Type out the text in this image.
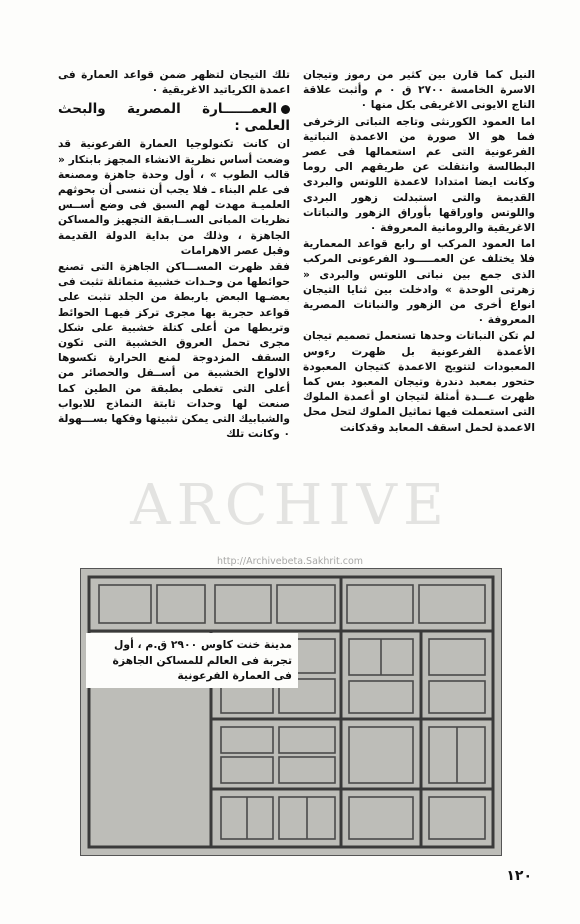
النيل كما قارن بين كثير من رموز وتيجان الاسرة الخامسة ٢٧٠٠ ق ٠ م وأثبت علاقة التاج الايونى الاغريقى بكل منها ٠

اما العمود الكورنثى وتاجه النباتى الزخرفى فما هو الا صورة من الاعمدة النباتية الفرعونية التى عم استعمالها فى عصر البطالسة وانتقلت عن طريقهم الى روما وكانت ايضا امتدادا لاعمدة اللوتس والبردى القديمة والتى استبدلت زهور البردى واللوتس واوراقها بأوراق الزهور والنباتات الاغريقية والرومانية المعروفة ٠

اما العمود المركب او رابع قواعد المعمارية فلا يختلف عن العمـــــود الفرعونى المركب الذى جمع بين نباتى اللوتس والبردى « زهرتى الوحدة » وادخلت بين ثنايا التيجان انواع أخرى من الزهور والنباتات المصرية المعروفة ٠

لم تكن النباتات وحدها تستعمل تصميم تيجان الأعمدة الفرعونية بل ظهرت رءوس المعبودات لتتويج الاعمدة كتيجان المعبودة حتحور بمعبد دندرة وتيجان المعبود بس كما ظهرت عـــدة أمثلة لتيجان او أعمدة الملوك التى استعملت فيها تماثيل الملوك لتحل محل الاعمدة لحمل اسقف المعابد وقدكانت

تلك التيجان لتظهر ضمن قواعد العمارة فى اعمدة الكرياتيد الاغريقية ٠

العمــــــارة المصرية والبحث العلمى :

ان كانت تكنولوجيا العمارة الفرعونية قد وضعت أساس نظرية الانشاء المجهز بابتكار « قالب الطوب » ، أول وحدة جاهزة ومصنعة فى علم البناء ـ فلا يجب أن ننسى أن بحوثهم العلميـة مهدت لهم السبق فى وضع أســس نظريات المبانى الســابقة التجهيز والمساكن الجاهزة ، وذلك من بداية الدولة القديمة وقبل عصر الاهرامات

فقد ظهرت المســـاكن الجاهزة التى تصنع حوائطها من وحـدات خشبية متماثلة تثبت فى بعضـها البعض باربطة من الجلد تثبت على قواعد حجرية بها مجرى تركز فيهـا الحوائط وتربطها من أعلى كتلة خشبية على شكل مجرى تحمل العروق الخشبية التى تكون السقف المزدوجة لمنع الحرارة تكسوها الالواح الخشبية من أســفل والحصائر من أعلى التى تغطى بطبقة من الطين كما صنعت لها وحدات ثابتة النماذج للابواب والشبابيك التى يمكن تثبيتها وفكها بســـهولة ٠ وكانت تلك

ARCHIVE
http://Archivebeta.Sakhrit.com
مدينة خنت كاوس ٢٩٠٠ ق.م ، أول تجربة فى العالم للمساكن الجاهزة فى العمارة الفرعونية
١٢٠
